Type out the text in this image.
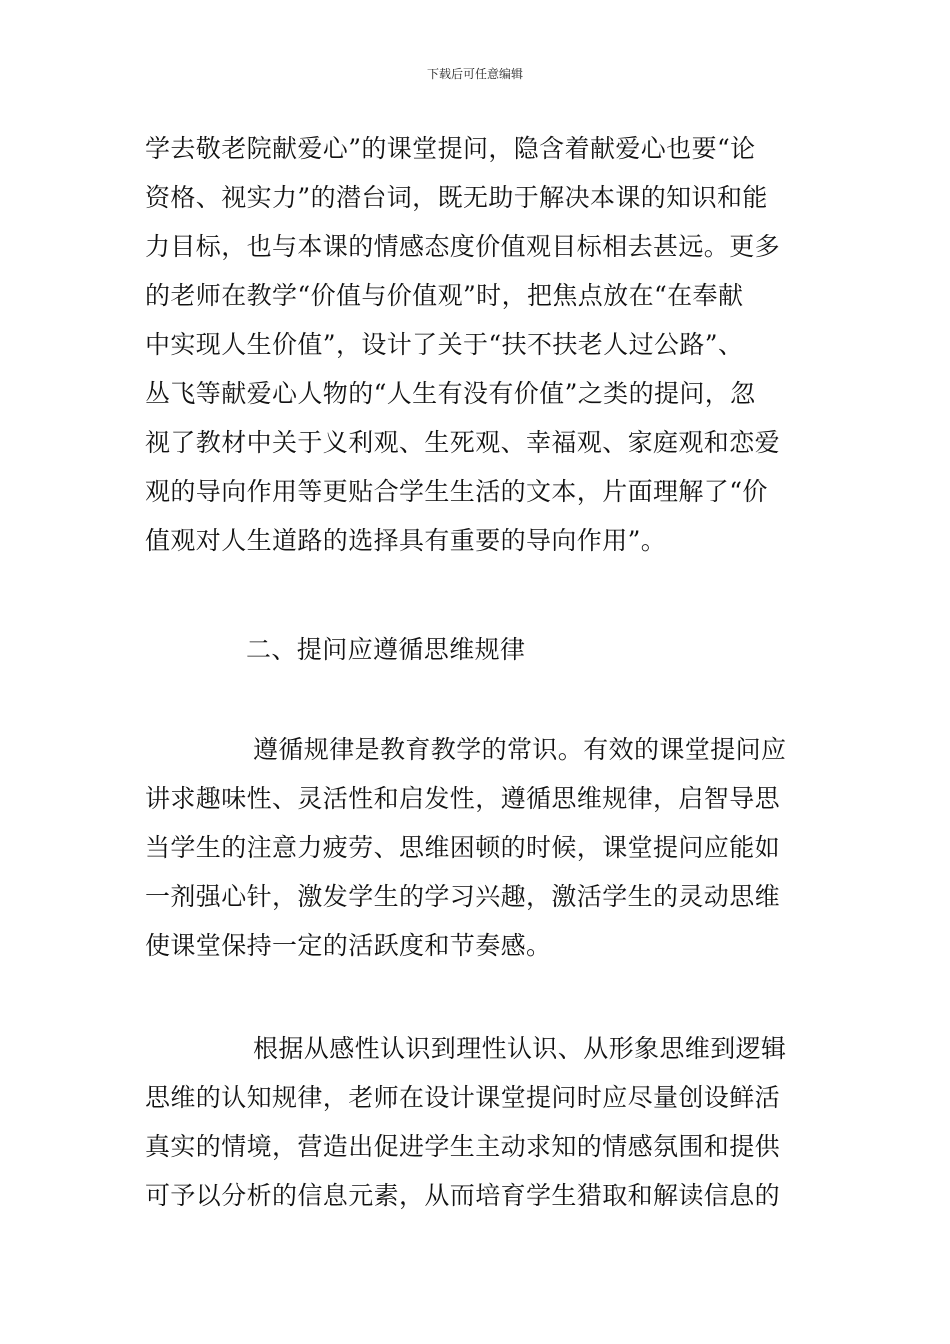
下载后可任意编辑
学去敬老院献爱心”的课堂提问，隐含着献爱心也要“论
资格、视实力”的潜台词，既无助于解决本课的知识和能
力目标，也与本课的情感态度价值观目标相去甚远。更多
的老师在教学“价值与价值观”时，把焦点放在“在奉献
中实现人生价值”，设计了关于“扶不扶老人过公路”、
丛飞等献爱心人物的“人生有没有价值”之类的提问，忽
视了教材中关于义利观、生死观、幸福观、家庭观和恋爱
观的导向作用等更贴合学生生活的文本，片面理解了“价
值观对人生道路的选择具有重要的导向作用”。
二、提问应遵循思维规律
遵循规律是教育教学的常识。有效的课堂提问应
讲求趣味性、灵活性和启发性，遵循思维规律，启智导思
当学生的注意力疲劳、思维困顿的时候，课堂提问应能如
一剂强心针，激发学生的学习兴趣，激活学生的灵动思维
使课堂保持一定的活跃度和节奏感。
根据从感性认识到理性认识、从形象思维到逻辑
思维的认知规律，老师在设计课堂提问时应尽量创设鲜活
真实的情境，营造出促进学生主动求知的情感氛围和提供
可予以分析的信息元素，从而培育学生猎取和解读信息的
